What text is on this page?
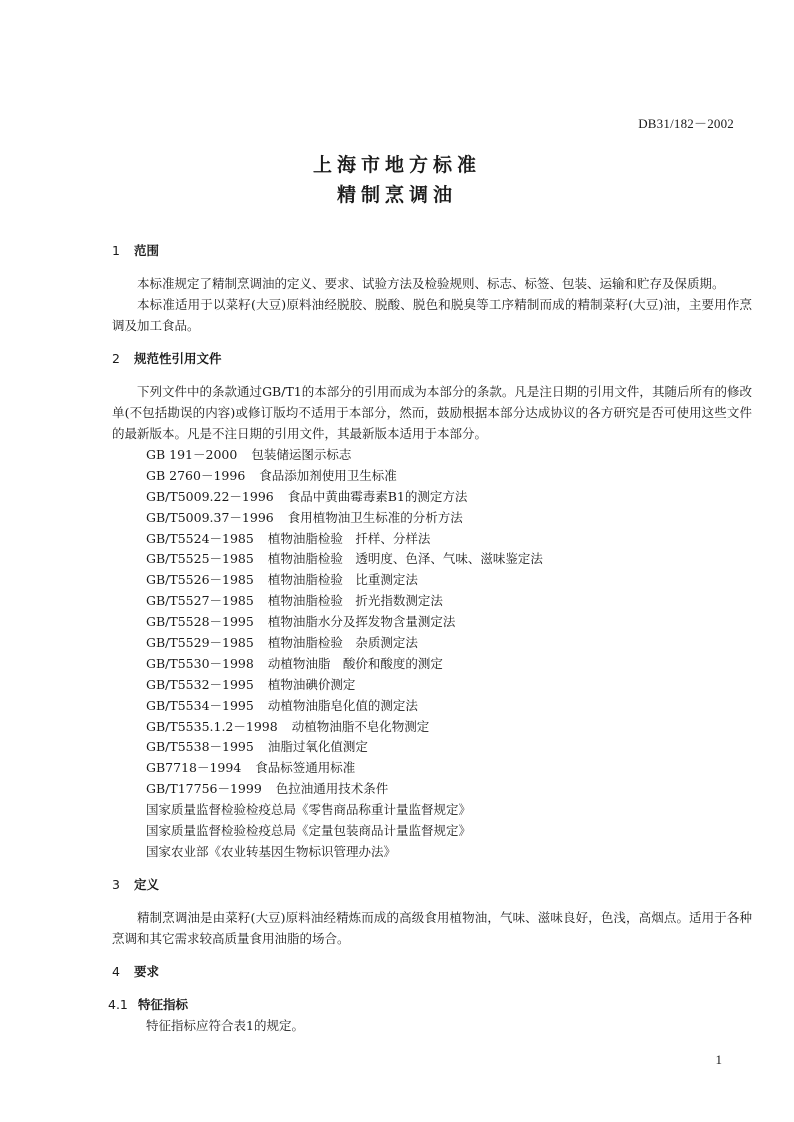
DB31/182－2002
上海市地方标准
精制烹调油
1 范围

本标准规定了精制烹调油的定义、要求、试验方法及检验规则、标志、标签、包装、运输和贮存及保质期。

本标准适用于以菜籽(大豆)原料油经脱胶、脱酸、脱色和脱臭等工序精制而成的精制菜籽(大豆)油，主要用作烹调及加工食品。

2 规范性引用文件

下列文件中的条款通过GB/T1的本部分的引用而成为本部分的条款。凡是注日期的引用文件，其随后所有的修改单(不包括勘误的内容)或修订版均不适用于本部分，然而，鼓励根据本部分达成协议的各方研究是否可使用这些文件的最新版本。凡是不注日期的引用文件，其最新版本适用于本部分。

GB 191－2000 包装储运图示标志
GB 2760－1996 食品添加剂使用卫生标准
GB/T5009.22－1996 食品中黄曲霉毒素B1的测定方法
GB/T5009.37－1996 食用植物油卫生标准的分析方法
GB/T5524－1985 植物油脂检验　扦样、分样法
GB/T5525－1985 植物油脂检验　透明度、色泽、气味、滋味鉴定法
GB/T5526－1985 植物油脂检验　比重测定法
GB/T5527－1985 植物油脂检验　折光指数测定法
GB/T5528－1995 植物油脂水分及挥发物含量测定法
GB/T5529－1985 植物油脂检验　杂质测定法
GB/T5530－1998 动植物油脂　酸价和酸度的测定
GB/T5532－1995 植物油碘价测定
GB/T5534－1995 动植物油脂皂化值的测定法
GB/T5535.1.2－1998 动植物油脂不皂化物测定
GB/T5538－1995 油脂过氧化值测定
GB7718－1994 食品标签通用标准
GB/T17756－1999 色拉油通用技术条件
国家质量监督检验检疫总局《零售商品称重计量监督规定》
国家质量监督检验检疫总局《定量包装商品计量监督规定》
国家农业部《农业转基因生物标识管理办法》
3 定义

精制烹调油是由菜籽(大豆)原料油经精炼而成的高级食用植物油，气味、滋味良好，色浅，高烟点。适用于各种烹调和其它需求较高质量食用油脂的场合。

4 要求
4.1 特征指标

特征指标应符合表1的规定。

1
